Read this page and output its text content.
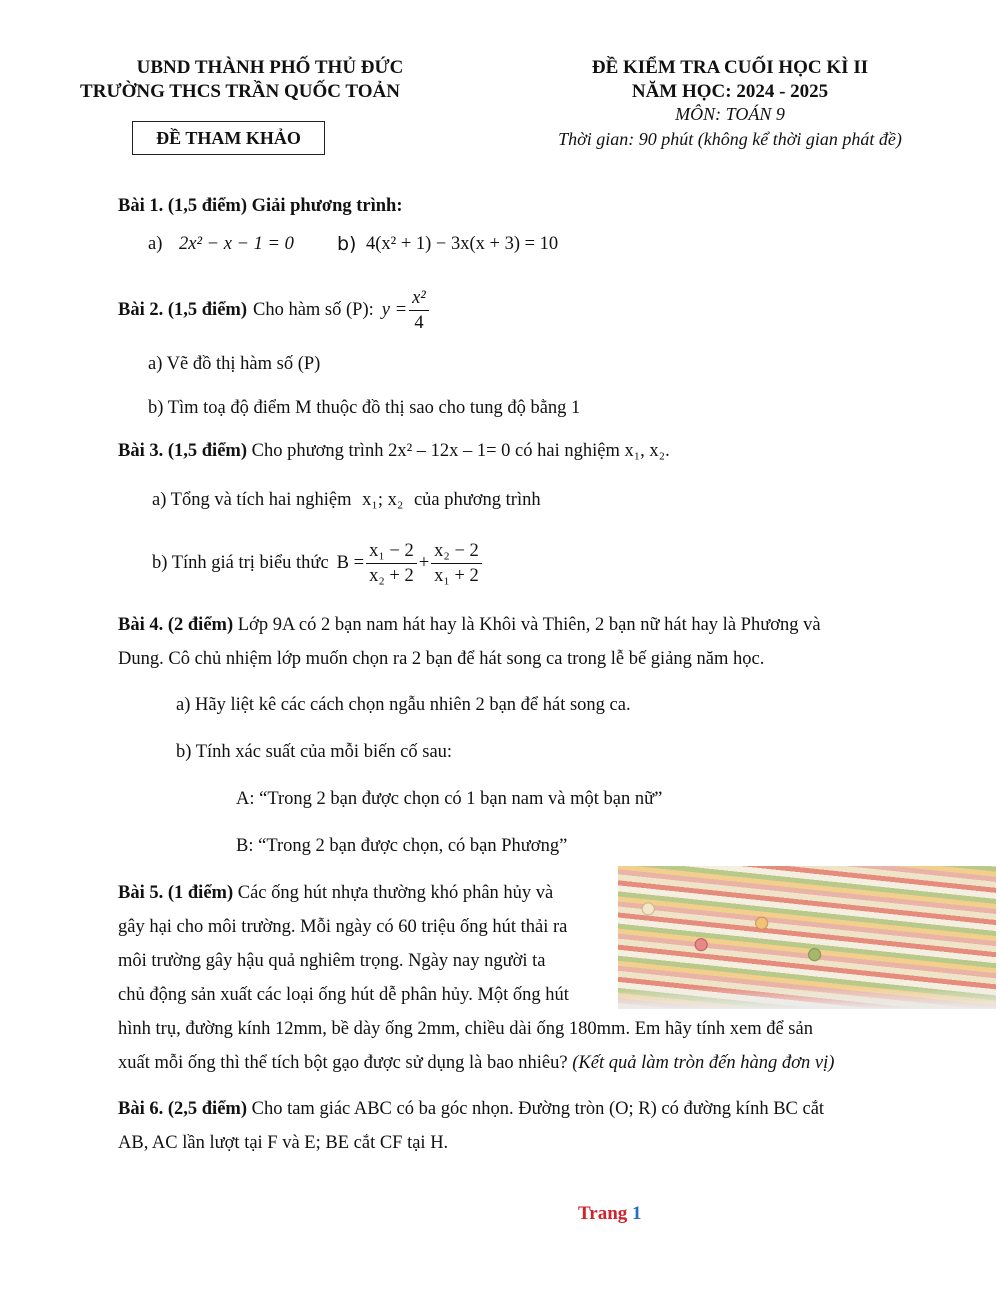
UBND THÀNH PHỐ THỦ ĐỨC
TRƯỜNG THCS TRẦN QUỐC TOẢN
ĐỀ THAM KHẢO
ĐỀ KIỂM TRA CUỐI HỌC KÌ II
NĂM HỌC: 2024 - 2025
MÔN: TOÁN 9
Thời gian: 90 phút (không kể thời gian phát đề)
Bài 1. (1,5 điểm) Giải phương trình:
a) 2x² − x − 1 = 0 b) 4(x² + 1) − 3x(x + 3) = 10
Bài 2. (1,5 điểm) Cho hàm số (P): $y = \frac{\text{x²}}{4}$
a) Vẽ đồ thị hàm số (P)
b) Tìm toạ độ điểm M thuộc đồ thị sao cho tung độ bằng 1
Bài 3. (1,5 điểm) Cho phương trình 2x² – 12x – 1= 0 có hai nghiệm x₁, x₂.
a) Tổng và tích hai nghiệm x₁; x₂ của phương trình
b) Tính giá trị biểu thức $B = \frac{\text{x₁ − 2}}{\text{x₂ + 2}} + \frac{\text{x₂ − 2}}{\text{x₁ + 2}}$
Bài 4. (2 điểm) Lớp 9A có 2 bạn nam hát hay là Khôi và Thiên, 2 bạn nữ hát hay là Phương và
Dung. Cô chủ nhiệm lớp muốn chọn ra 2 bạn để hát song ca trong lễ bế giảng năm học.
a) Hãy liệt kê các cách chọn ngẫu nhiên 2 bạn để hát song ca.
b) Tính xác suất của mỗi biến cố sau:
A: “Trong 2 bạn được chọn có 1 bạn nam và một bạn nữ”
B: “Trong 2 bạn được chọn, có bạn Phương”
Bài 5. (1 điểm) Các ống hút nhựa thường khó phân hủy và
gây hại cho môi trường. Mỗi ngày có 60 triệu ống hút thải ra
môi trường gây hậu quả nghiêm trọng. Ngày nay người ta
chủ động sản xuất các loại ống hút dễ phân hủy. Một ống hút
hình trụ, đường kính 12mm, bề dày ống 2mm, chiều dài ống 180mm. Em hãy tính xem để sản
xuất mỗi ống thì thể tích bột gạo được sử dụng là bao nhiêu? (Kết quả làm tròn đến hàng đơn vị)
Bài 6. (2,5 điểm) Cho tam giác ABC có ba góc nhọn. Đường tròn (O; R) có đường kính BC cắt
AB, AC lần lượt tại F và E; BE cắt CF tại H.
Trang 1
